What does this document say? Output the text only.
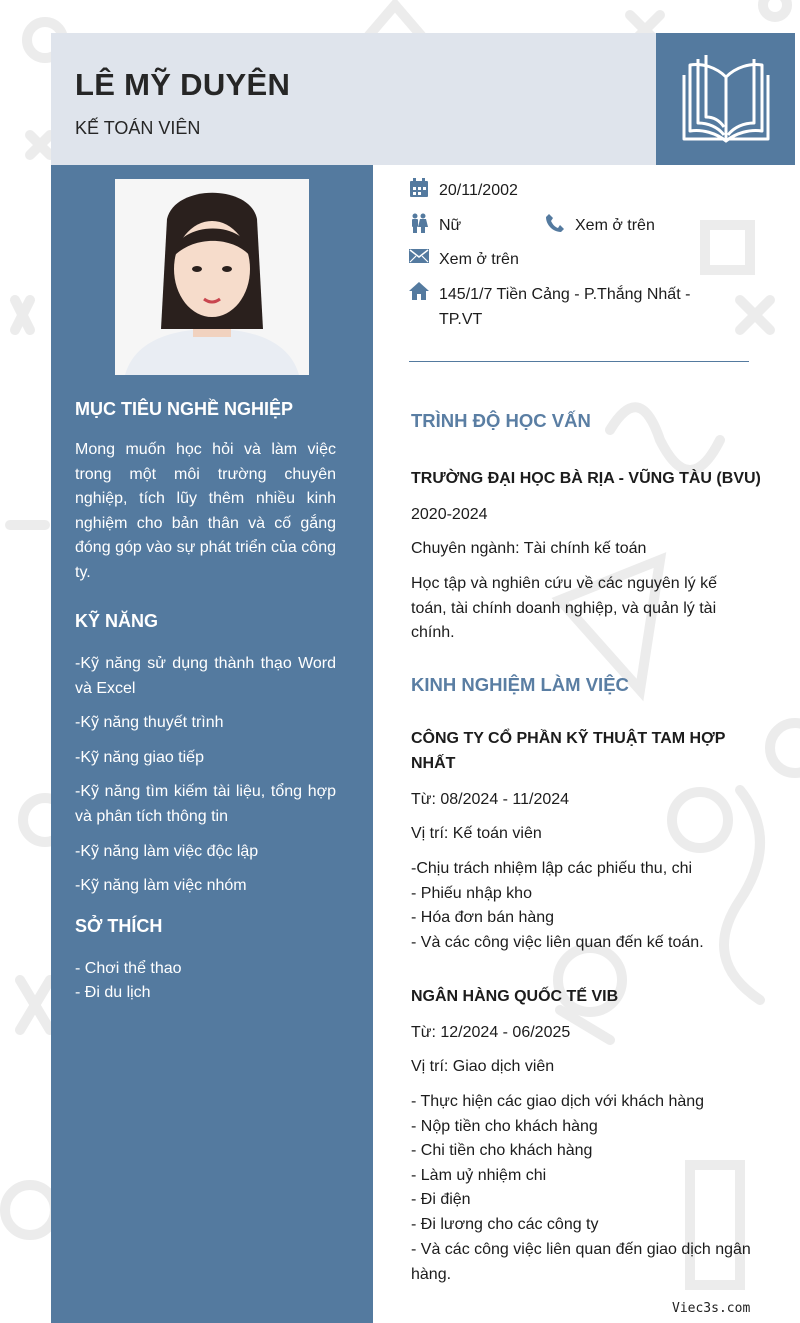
LÊ MỸ DUYÊN
KẾ TOÁN VIÊN
MỤC TIÊU NGHỀ NGHIỆP
Mong muốn học hỏi và làm việc trong một môi trường chuyên nghiệp, tích lũy thêm nhiều kinh nghiệm cho bản thân và cố gắng đóng góp vào sự phát triển của công ty.
KỸ NĂNG
-Kỹ năng sử dụng thành thạo Word và Excel
-Kỹ năng thuyết trình
-Kỹ năng giao tiếp
-Kỹ năng tìm kiếm tài liệu, tổng hợp và phân tích thông tin
-Kỹ năng làm việc độc lập
-Kỹ năng làm việc nhóm
SỞ THÍCH
- Chơi thể thao
- Đi du lịch
20/11/2002
Nữ	Xem ở trên
Xem ở trên
145/1/7 Tiền Cảng - P.Thắng Nhất - TP.VT
TRÌNH ĐỘ HỌC VẤN
TRƯỜNG ĐẠI HỌC BÀ RỊA - VŨNG TÀU (BVU)
2020-2024
Chuyên ngành: Tài chính kế toán
Học tập và nghiên cứu về các nguyên lý kế toán, tài chính doanh nghiệp, và quản lý tài chính.
KINH NGHIỆM LÀM VIỆC
CÔNG TY CỔ PHẦN KỸ THUẬT TAM HỢP NHẤT
Từ: 08/2024 - 11/2024
Vị trí: Kế toán viên
-Chịu trách nhiệm lập các phiếu thu, chi
- Phiếu nhập kho
- Hóa đơn bán hàng
- Và các công việc liên quan đến kế toán.
NGÂN HÀNG QUỐC TẾ VIB
Từ: 12/2024 - 06/2025
Vị trí: Giao dịch viên
- Thực hiện các giao dịch với khách hàng
- Nộp tiền cho khách hàng
- Chi tiền cho khách hàng
- Làm uỷ nhiệm chi
- Đi điện
- Đi lương cho các công ty
- Và các công việc liên quan đến giao dịch ngân hàng.
Viec3s.com
